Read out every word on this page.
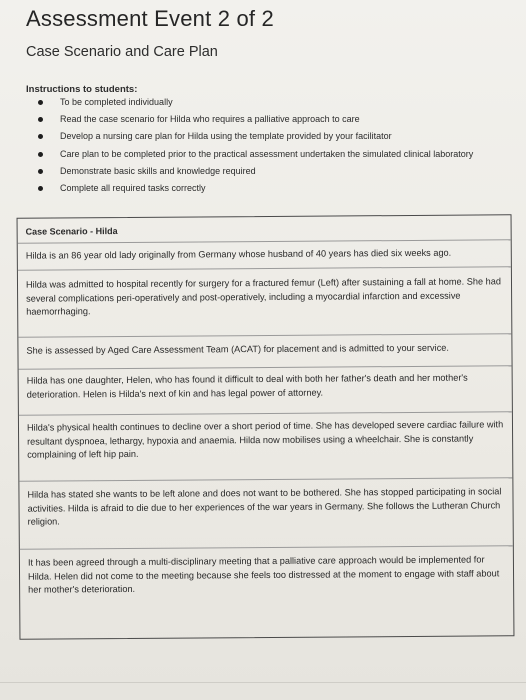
Assessment Event 2 of 2
Case Scenario and Care Plan
Instructions to students:
To be completed individually
Read the case scenario for Hilda who requires a palliative approach to care
Develop a nursing care plan for Hilda using the template provided by your facilitator
Care plan to be completed prior to the practical assessment undertaken the simulated clinical laboratory
Demonstrate basic skills and knowledge required
Complete all required tasks correctly
Case Scenario - Hilda
Hilda is an 86 year old lady originally from Germany whose husband of 40 years has died six weeks ago.
Hilda was admitted to hospital recently for surgery for a fractured femur (Left) after sustaining a fall at home. She had several complications peri-operatively and post-operatively, including a myocardial infarction and excessive haemorrhaging.
She is assessed by Aged Care Assessment Team (ACAT) for placement and is admitted to your service.
Hilda has one daughter, Helen, who has found it difficult to deal with both her father's death and her mother's deterioration. Helen is Hilda's next of kin and has legal power of attorney.
Hilda's physical health continues to decline over a short period of time. She has developed severe cardiac failure with resultant dyspnoea, lethargy, hypoxia and anaemia. Hilda now mobilises using a wheelchair. She is constantly complaining of left hip pain.
Hilda has stated she wants to be left alone and does not want to be bothered. She has stopped participating in social activities. Hilda is afraid to die due to her experiences of the war years in Germany. She follows the Lutheran Church religion.
It has been agreed through a multi-disciplinary meeting that a palliative care approach would be implemented for Hilda. Helen did not come to the meeting because she feels too distressed at the moment to engage with staff about her mother's deterioration.
